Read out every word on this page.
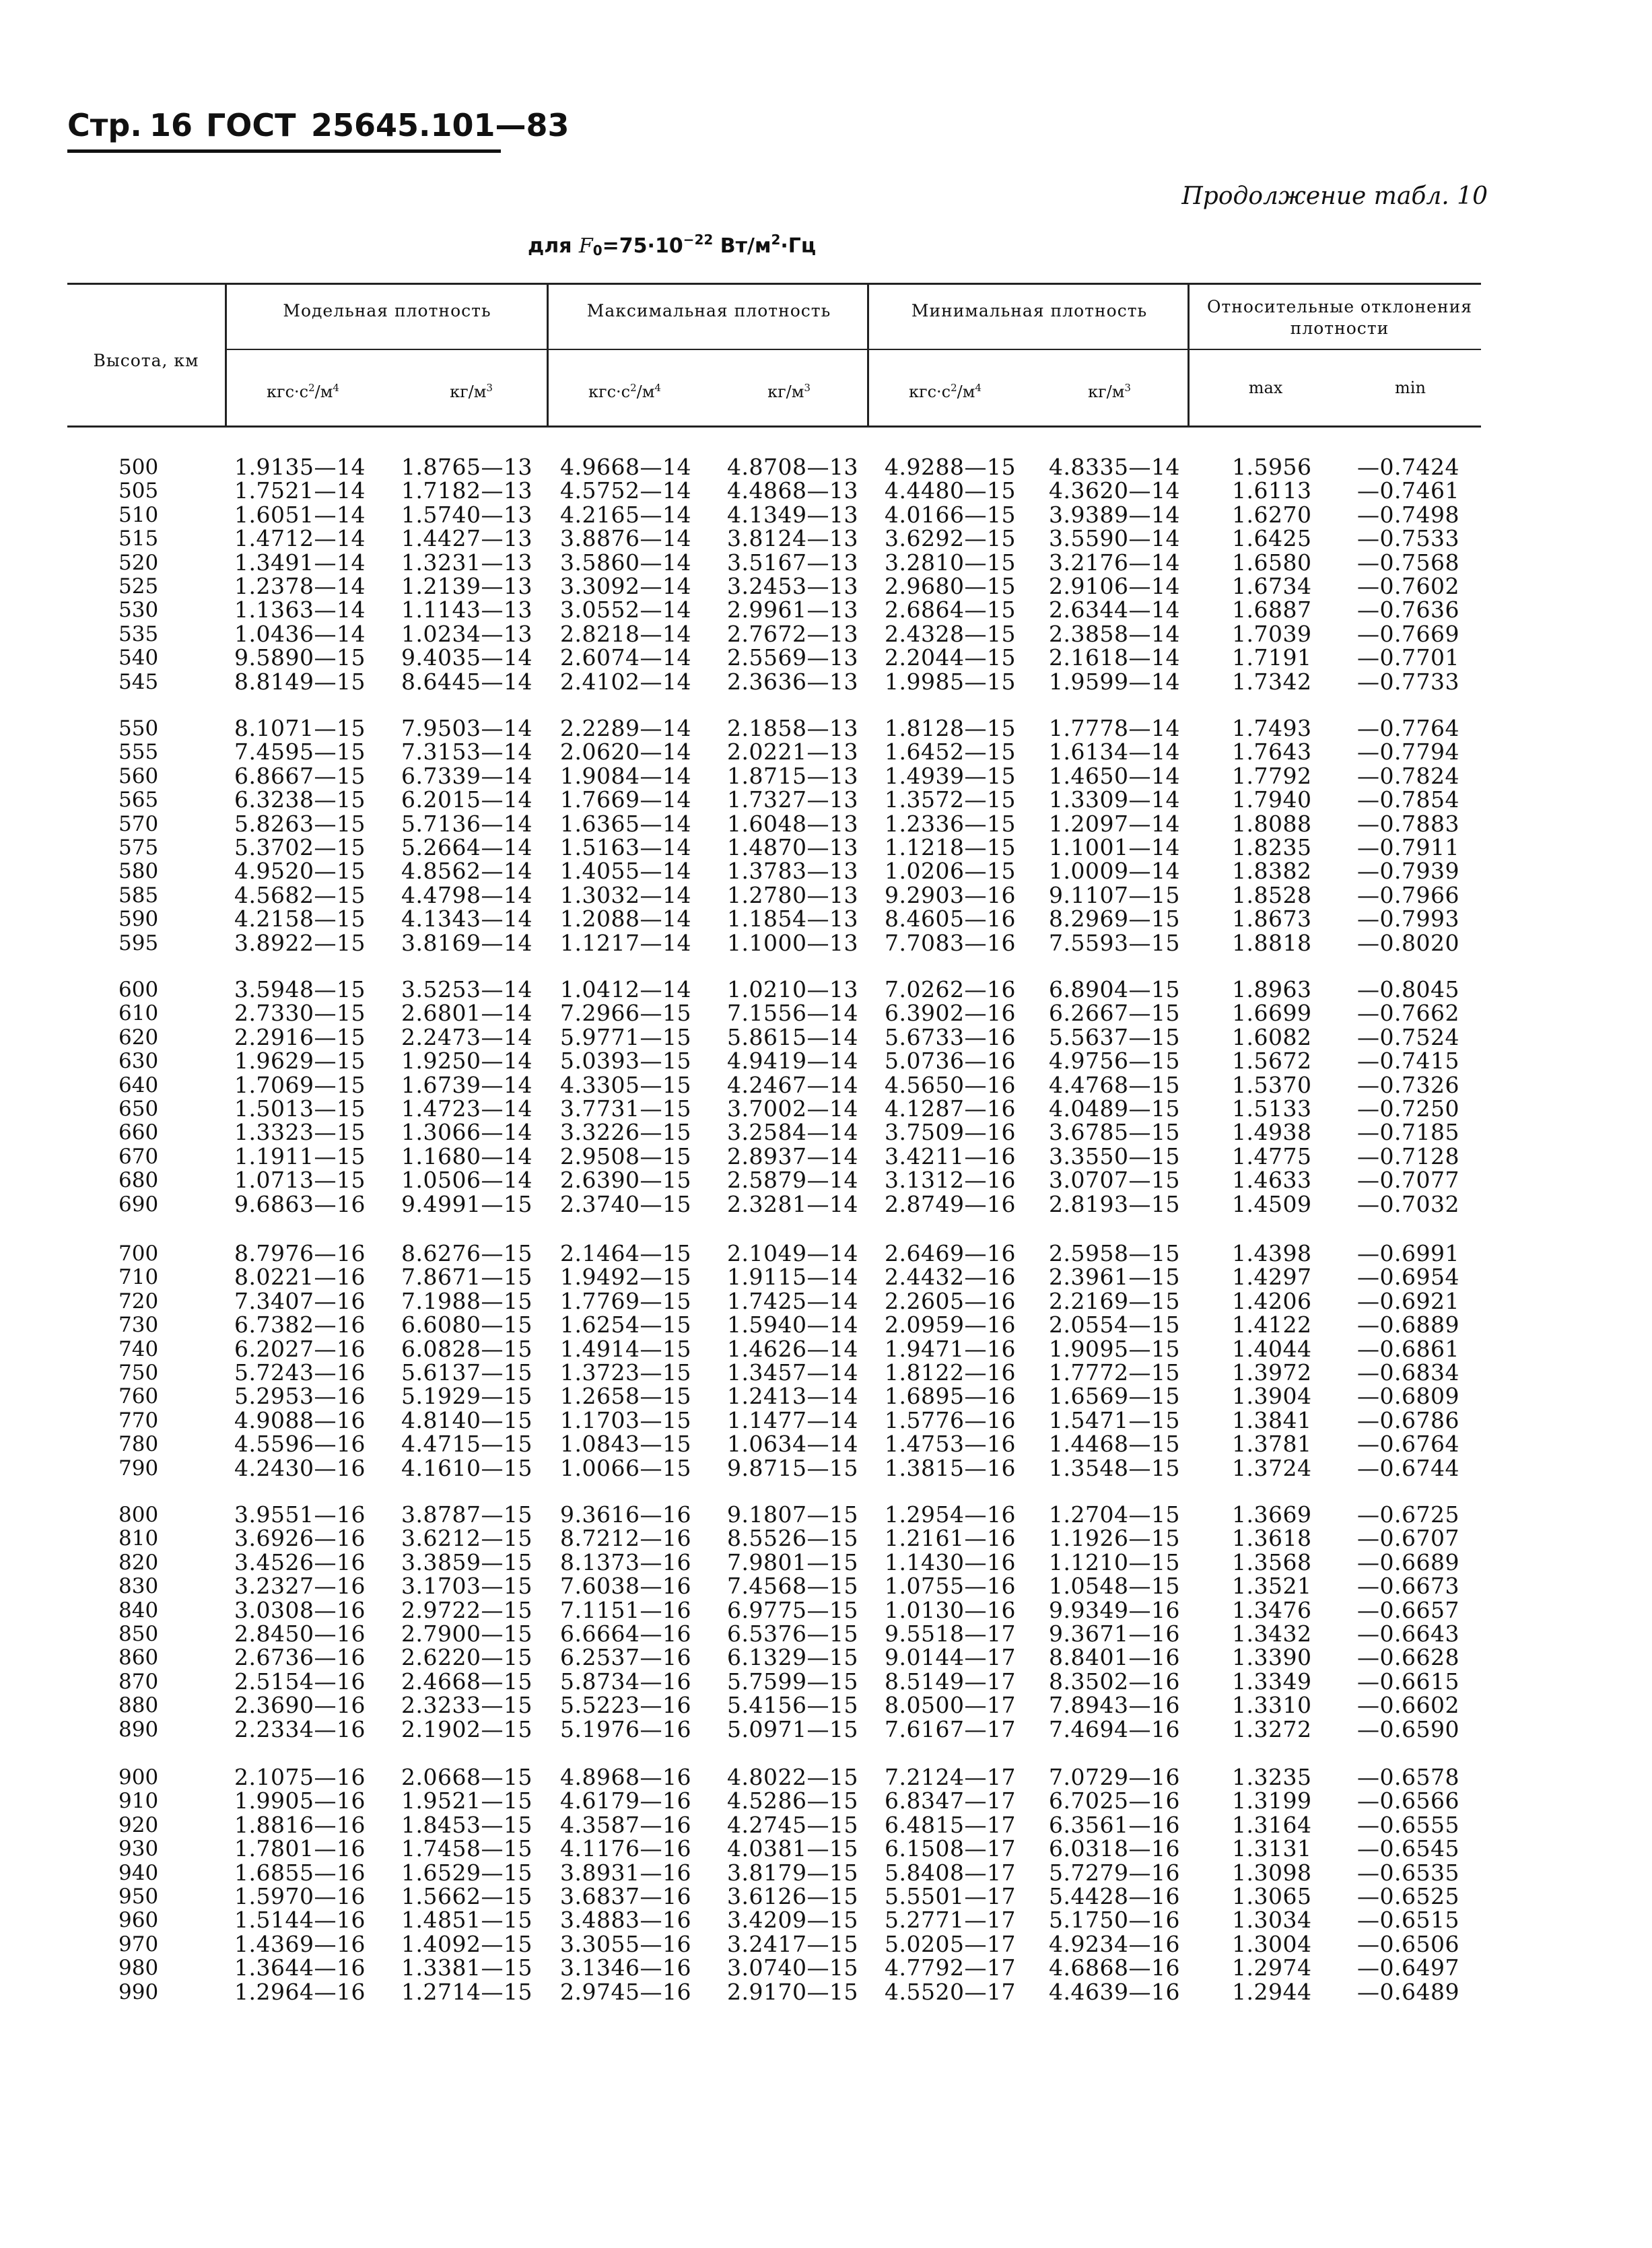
Стр. 16 ГОСТ 25645.101—83
Продолжение табл. 10
для $F_0=75\cdot 10^{-22}$ $Вт/м^2\cdot Гц$
Высота, км
Модельная плотность	Максимальная плотность	Минимальная плотность	Относительные отклонения плотности
$кгс\cdot с^2/м^4$	$кг/м^3$	$кгс\cdot с^2/м^4$	$кг/м^3$	$кгс\cdot с^2/м^4$	$кг/м^3$	max	min
500	1.9135—14 1.8765—13 4.9668—14 4.8708—13 4.9288—15 4.8335—14 1.5956 —0.7424
505	1.7521—14 1.7182—13 4.5752—14 4.4868—13 4.4480—15 4.3620—14 1.6113 —0.7461
510	1.6051—14 1.5740—13 4.2165—14 4.1349—13 4.0166—15 3.9389—14 1.6270 —0.7498
515	1.4712—14 1.4427—13 3.8876—14 3.8124—13 3.6292—15 3.5590—14 1.6425 —0.7533
520	1.3491—14 1.3231—13 3.5860—14 3.5167—13 3.2810—15 3.2176—14 1.6580 —0.7568
525	1.2378—14 1.2139—13 3.3092—14 3.2453—13 2.9680—15 2.9106—14 1.6734 —0.7602
530	1.1363—14 1.1143—13 3.0552—14 2.9961—13 2.6864—15 2.6344—14 1.6887 —0.7636
535	1.0436—14 1.0234—13 2.8218—14 2.7672—13 2.4328—15 2.3858—14 1.7039 —0.7669
540	9.5890—15 9.4035—14 2.6074—14 2.5569—13 2.2044—15 2.1618—14 1.7191 —0.7701
545	8.8149—15 8.6445—14 2.4102—14 2.3636—13 1.9985—15 1.9599—14 1.7342 —0.7733
550	8.1071—15 7.9503—14 2.2289—14 2.1858—13 1.8128—15 1.7778—14 1.7493 —0.7764
555	7.4595—15 7.3153—14 2.0620—14 2.0221—13 1.6452—15 1.6134—14 1.7643 —0.7794
560	6.8667—15 6.7339—14 1.9084—14 1.8715—13 1.4939—15 1.4650—14 1.7792 —0.7824
565	6.3238—15 6.2015—14 1.7669—14 1.7327—13 1.3572—15 1.3309—14 1.7940 —0.7854
570	5.8263—15 5.7136—14 1.6365—14 1.6048—13 1.2336—15 1.2097—14 1.8088 —0.7883
575	5.3702—15 5.2664—14 1.5163—14 1.4870—13 1.1218—15 1.1001—14 1.8235 —0.7911
580	4.9520—15 4.8562—14 1.4055—14 1.3783—13 1.0206—15 1.0009—14 1.8382 —0.7939
585	4.5682—15 4.4798—14 1.3032—14 1.2780—13 9.2903—16 9.1107—15 1.8528 —0.7966
590	4.2158—15 4.1343—14 1.2088—14 1.1854—13 8.4605—16 8.2969—15 1.8673 —0.7993
595	3.8922—15 3.8169—14 1.1217—14 1.1000—13 7.7083—16 7.5593—15 1.8818 —0.8020
600	3.5948—15 3.5253—14 1.0412—14 1.0210—13 7.0262—16 6.8904—15 1.8963 —0.8045
610	2.7330—15 2.6801—14 7.2966—15 7.1556—14 6.3902—16 6.2667—15 1.6699 —0.7662
620	2.2916—15 2.2473—14 5.9771—15 5.8615—14 5.6733—16 5.5637—15 1.6082 —0.7524
630	1.9629—15 1.9250—14 5.0393—15 4.9419—14 5.0736—16 4.9756—15 1.5672 —0.7415
640	1.7069—15 1.6739—14 4.3305—15 4.2467—14 4.5650—16 4.4768—15 1.5370 —0.7326
650	1.5013—15 1.4723—14 3.7731—15 3.7002—14 4.1287—16 4.0489—15 1.5133 —0.7250
660	1.3323—15 1.3066—14 3.3226—15 3.2584—14 3.7509—16 3.6785—15 1.4938 —0.7185
670	1.1911—15 1.1680—14 2.9508—15 2.8937—14 3.4211—16 3.3550—15 1.4775 —0.7128
680	1.0713—15 1.0506—14 2.6390—15 2.5879—14 3.1312—16 3.0707—15 1.4633 —0.7077
690	9.6863—16 9.4991—15 2.3740—15 2.3281—14 2.8749—16 2.8193—15 1.4509 —0.7032
700	8.7976—16 8.6276—15 2.1464—15 2.1049—14 2.6469—16 2.5958—15 1.4398 —0.6991
710	8.0221—16 7.8671—15 1.9492—15 1.9115—14 2.4432—16 2.3961—15 1.4297 —0.6954
720	7.3407—16 7.1988—15 1.7769—15 1.7425—14 2.2605—16 2.2169—15 1.4206 —0.6921
730	6.7382—16 6.6080—15 1.6254—15 1.5940—14 2.0959—16 2.0554—15 1.4122 —0.6889
740	6.2027—16 6.0828—15 1.4914—15 1.4626—14 1.9471—16 1.9095—15 1.4044 —0.6861
750	5.7243—16 5.6137—15 1.3723—15 1.3457—14 1.8122—16 1.7772—15 1.3972 —0.6834
760	5.2953—16 5.1929—15 1.2658—15 1.2413—14 1.6895—16 1.6569—15 1.3904 —0.6809
770	4.9088—16 4.8140—15 1.1703—15 1.1477—14 1.5776—16 1.5471—15 1.3841 —0.6786
780	4.5596—16 4.4715—15 1.0843—15 1.0634—14 1.4753—16 1.4468—15 1.3781 —0.6764
790	4.2430—16 4.1610—15 1.0066—15 9.8715—15 1.3815—16 1.3548—15 1.3724 —0.6744
800	3.9551—16 3.8787—15 9.3616—16 9.1807—15 1.2954—16 1.2704—15 1.3669 —0.6725
810	3.6926—16 3.6212—15 8.7212—16 8.5526—15 1.2161—16 1.1926—15 1.3618 —0.6707
820	3.4526—16 3.3859—15 8.1373—16 7.9801—15 1.1430—16 1.1210—15 1.3568 —0.6689
830	3.2327—16 3.1703—15 7.6038—16 7.4568—15 1.0755—16 1.0548—15 1.3521 —0.6673
840	3.0308—16 2.9722—15 7.1151—16 6.9775—15 1.0130—16 9.9349—16 1.3476 —0.6657
850	2.8450—16 2.7900—15 6.6664—16 6.5376—15 9.5518—17 9.3671—16 1.3432 —0.6643
860	2.6736—16 2.6220—15 6.2537—16 6.1329—15 9.0144—17 8.8401—16 1.3390 —0.6628
870	2.5154—16 2.4668—15 5.8734—16 5.7599—15 8.5149—17 8.3502—16 1.3349 —0.6615
880	2.3690—16 2.3233—15 5.5223—16 5.4156—15 8.0500—17 7.8943—16 1.3310 —0.6602
890	2.2334—16 2.1902—15 5.1976—16 5.0971—15 7.6167—17 7.4694—16 1.3272 —0.6590
900	2.1075—16 2.0668—15 4.8968—16 4.8022—15 7.2124—17 7.0729—16 1.3235 —0.6578
910	1.9905—16 1.9521—15 4.6179—16 4.5286—15 6.8347—17 6.7025—16 1.3199 —0.6566
920	1.8816—16 1.8453—15 4.3587—16 4.2745—15 6.4815—17 6.3561—16 1.3164 —0.6555
930	1.7801—16 1.7458—15 4.1176—16 4.0381—15 6.1508—17 6.0318—16 1.3131 —0.6545
940	1.6855—16 1.6529—15 3.8931—16 3.8179—15 5.8408—17 5.7279—16 1.3098 —0.6535
950	1.5970—16 1.5662—15 3.6837—16 3.6126—15 5.5501—17 5.4428—16 1.3065 —0.6525
960	1.5144—16 1.4851—15 3.4883—16 3.4209—15 5.2771—17 5.1750—16 1.3034 —0.6515
970	1.4369—16 1.4092—15 3.3055—16 3.2417—15 5.0205—17 4.9234—16 1.3004 —0.6506
980	1.3644—16 1.3381—15 3.1346—16 3.0740—15 4.7792—17 4.6868—16 1.2974 —0.6497
990	1.2964—16 1.2714—15 2.9745—16 2.9170—15 4.5520—17 4.4639—16 1.2944 —0.6489
